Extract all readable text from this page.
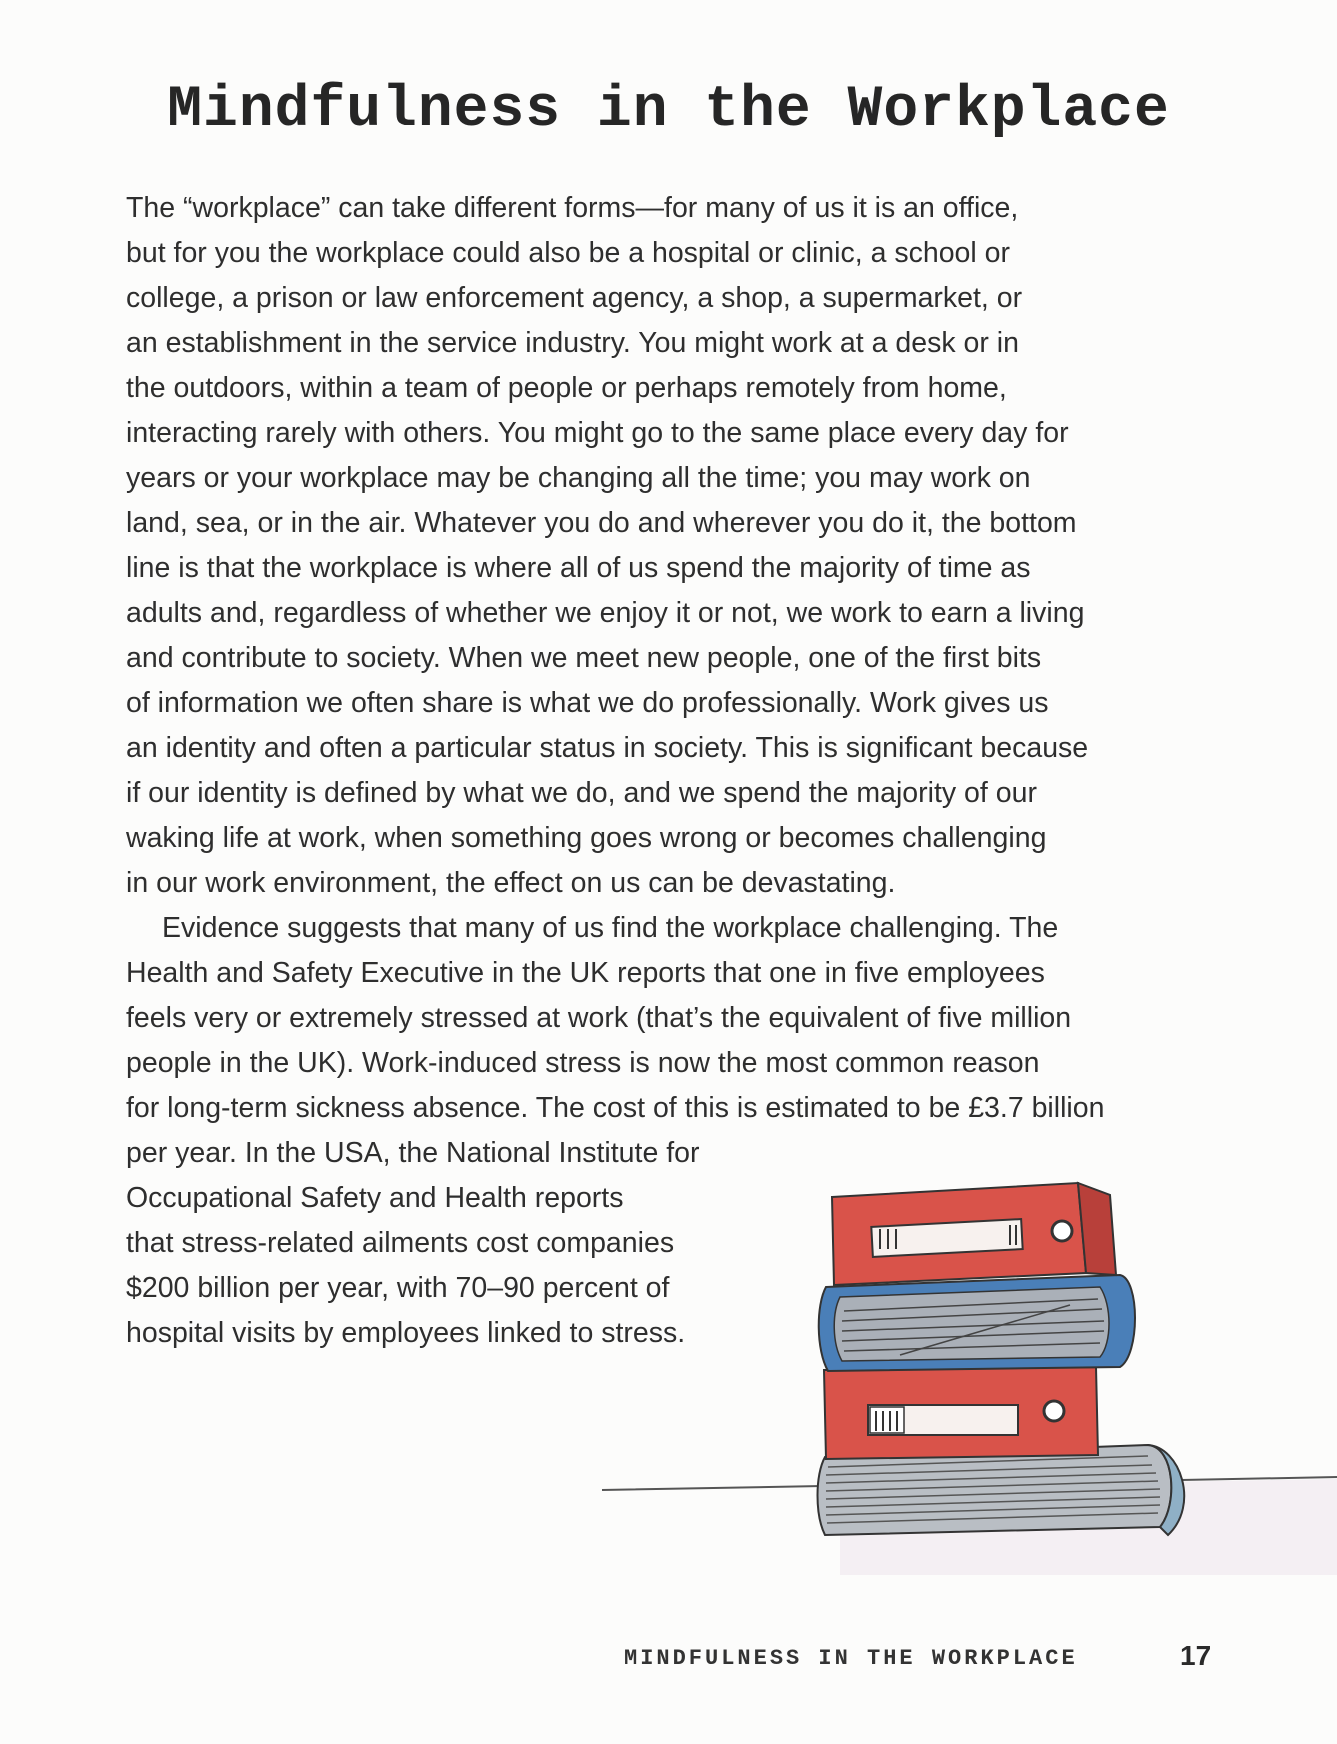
Mindfulness in the Workplace

The “workplace” can take different forms—for many of us it is an office,
but for you the workplace could also be a hospital or clinic, a school or
college, a prison or law enforcement agency, a shop, a supermarket, or
an establishment in the service industry. You might work at a desk or in
the outdoors, within a team of people or perhaps remotely from home,
interacting rarely with others. You might go to the same place every day for
years or your workplace may be changing all the time; you may work on
land, sea, or in the air. Whatever you do and wherever you do it, the bottom
line is that the workplace is where all of us spend the majority of time as
adults and, regardless of whether we enjoy it or not, we work to earn a living
and contribute to society. When we meet new people, one of the first bits
of information we often share is what we do professionally. Work gives us
an identity and often a particular status in society. This is significant because
if our identity is defined by what we do, and we spend the majority of our
waking life at work, when something goes wrong or becomes challenging
in our work environment, the effect on us can be devastating.

Evidence suggests that many of us find the workplace challenging. The
Health and Safety Executive in the UK reports that one in five employees
feels very or extremely stressed at work (that’s the equivalent of five million
people in the UK). Work-induced stress is now the most common reason
for long-term sickness absence. The cost of this is estimated to be £3.7 billion
per year. In the USA, the National Institute for
Occupational Safety and Health reports
that stress-related ailments cost companies
$200 billion per year, with 70–90 percent of
hospital visits by employees linked to stress.

MINDFULNESS IN THE WORKPLACE	17
